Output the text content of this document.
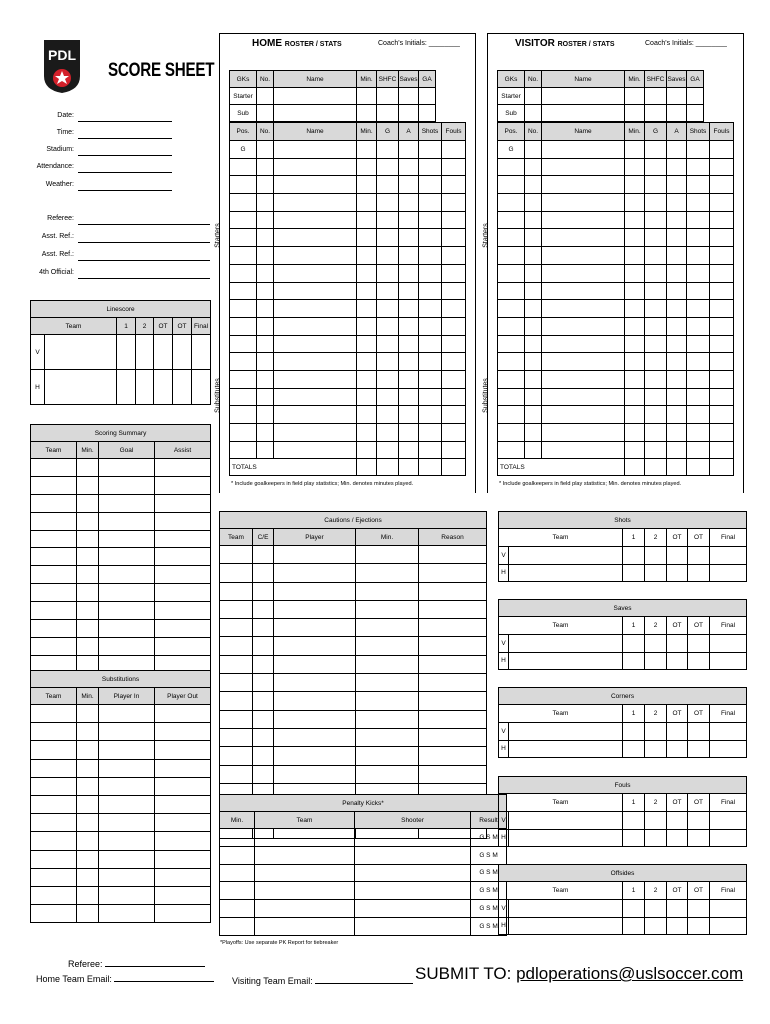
PDL
SCORE SHEET
Date:
Time:
Stadium:
Attendance:
Weather:
Referee:
Asst. Ref.:
Asst. Ref.:
4th Official:
HOME ROSTER / STATS	Coach's Initials: ________	VISITOR ROSTER / STATS	Coach's Initials: ________
GKs	No.	Name	Min.	SHFC	Saves	GA	
Starter							
Sub							
Pos.	No.	Name	Min.	G	A	Shots	Fouls
G							

TOTALS							
* Include goalkeepers in field play statistics; Min. denotes minutes played.
Starters
Substitutes
GKs	No.	Name	Min.	SHFC	Saves	GA	
Starter							
Sub							
Pos.	No.	Name	Min.	G	A	Shots	Fouls
G							

TOTALS							
* Include goalkeepers in field play statistics; Min. denotes minutes played.
Starters
Substitutes
Linescore						
Team		1	2	OT	OT	Final
V						
H						
Scoring Summary			
Team	Min.	Goal	Assist

Substitutions			
Team	Min.	Player In	Player Out

Cautions / Ejections				
Team	C/E	Player	Min.	Reason

Penalty Kicks*			
Min.	Team	Shooter	Result
			G S M
			G S M
			G S M
			G S M
			G S M
			G S M
Shots						
Team		1	2	OT	OT	Final
V						
H						
Saves						
Team		1	2	OT	OT	Final
V						
H						
Corners						
Team		1	2	OT	OT	Final
V						
H						
Fouls						
Team		1	2	OT	OT	Final
V						
H						
Offsides						
Team		1	2	OT	OT	Final
V						
H						
*Playoffs: Use separate PK Report for tiebreaker
Referee:
Home Team Email:	Visiting Team Email:	SUBMIT TO: pdloperations@uslsoccer.com
